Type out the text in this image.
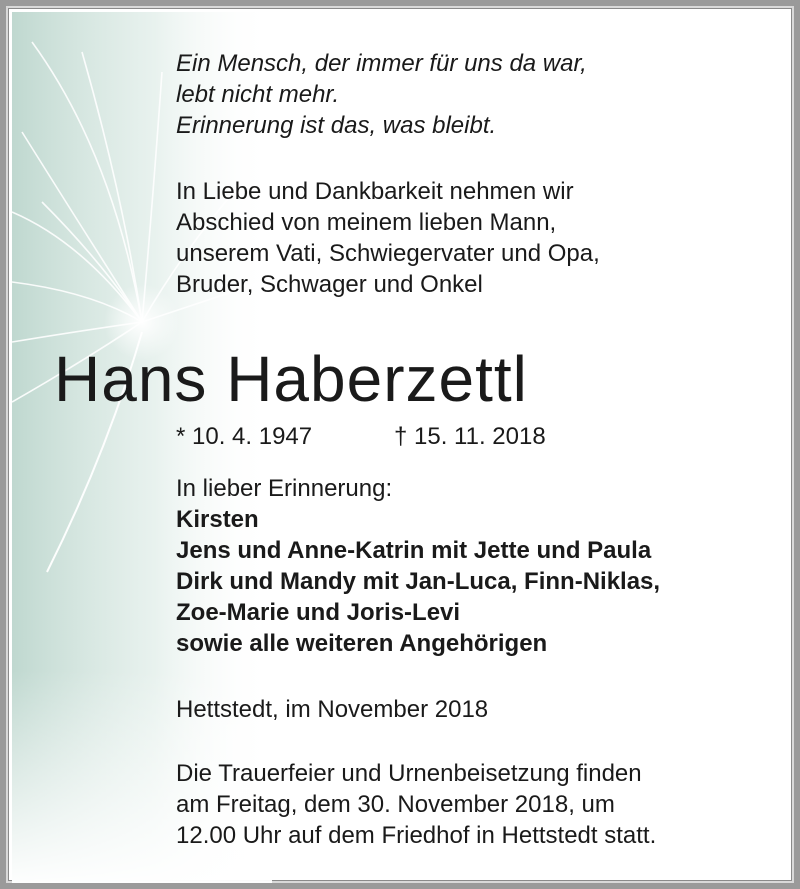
Ein Mensch, der immer für uns da war,
lebt nicht mehr.
Erinnerung ist das, was bleibt.
In Liebe und Dankbarkeit nehmen wir
Abschied von meinem lieben Mann,
unserem Vati, Schwiegervater und Opa,
Bruder, Schwager und Onkel
Hans Haberzettl
* 10. 4. 1947	† 15. 11. 2018
In lieber Erinnerung:
Kirsten
Jens und Anne-Katrin mit Jette und Paula
Dirk und Mandy mit Jan-Luca, Finn-Niklas,
Zoe-Marie und Joris-Levi
sowie alle weiteren Angehörigen
Hettstedt, im November 2018
Die Trauerfeier und Urnenbeisetzung finden
am Freitag, dem 30. November 2018, um
12.00 Uhr auf dem Friedhof in Hettstedt statt.
